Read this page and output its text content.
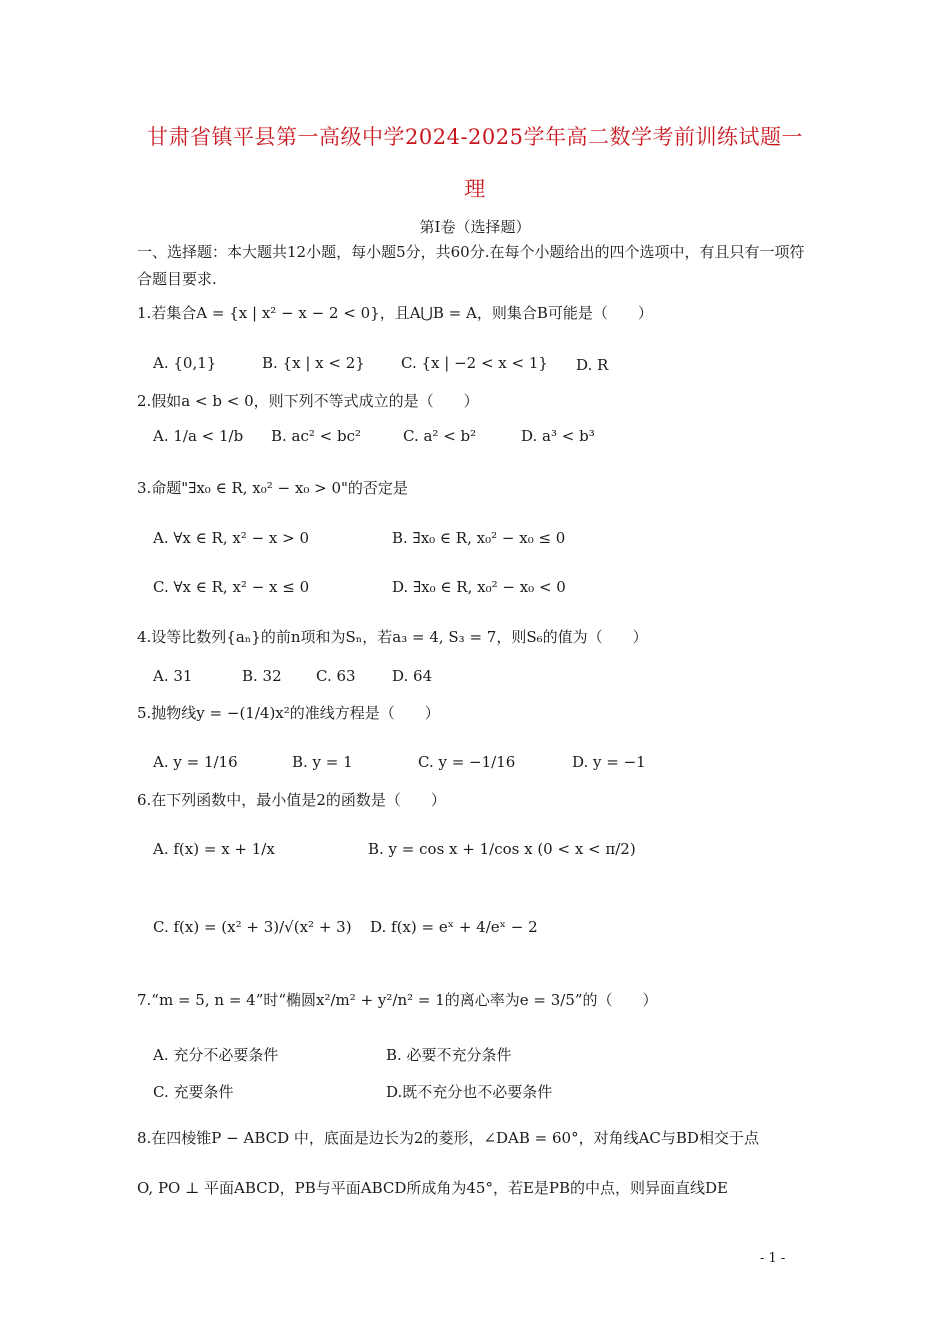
甘肃省镇平县第一高级中学2024-2025学年高二数学考前训练试题一
理
第Ⅰ卷（选择题）
一、选择题：本大题共12小题，每小题5分，共60分.在每个小题给出的四个选项中，有且只有一项符合题目要求.
1.若集合A = {x | x² − x − 2 < 0}，且A⋃B = A，则集合B可能是（　　）
A. {0,1}	B. {x | x < 2} C. {x | −2 < x < 1} D. R
2.假如a < b < 0，则下列不等式成立的是（　　）
A. 1/a < 1/b B. ac² < bc²	C. a² < b²	D. a³ < b³
3.命题"∃x₀ ∈ R, x₀² − x₀ > 0"的否定是
A. ∀x ∈ R, x² − x > 0	B. ∃x₀ ∈ R, x₀² − x₀ ≤ 0
C. ∀x ∈ R, x² − x ≤ 0	D. ∃x₀ ∈ R, x₀² − x₀ < 0
4.设等比数列{aₙ}的前n项和为Sₙ，若a₃ = 4, S₃ = 7，则S₆的值为（　　）
A. 31	B. 32 C. 63 D. 64
5.抛物线y = −(1/4)x²的准线方程是（　　）
A. y = 1/16	B. y = 1	C. y = −1/16	D. y = −1
6.在下列函数中，最小值是2的函数是（　　）
A. f(x) = x + 1/x	B. y = cos x + 1/cos x (0 < x < π/2)
C. f(x) = (x² + 3)/√(x² + 3) D. f(x) = eˣ + 4/eˣ − 2
7.“m = 5, n = 4”时“椭圆x²/m² + y²/n² = 1的离心率为e = 3/5”的（　　）
A. 充分不必要条件	B. 必要不充分条件
C. 充要条件	D.既不充分也不必要条件
8.在四棱锥P − ABCD 中，底面是边长为2的菱形，∠DAB = 60°，对角线AC与BD相交于点
O, PO ⊥ 平面ABCD，PB与平面ABCD所成角为45°，若E是PB的中点，则异面直线DE
- 1 -
